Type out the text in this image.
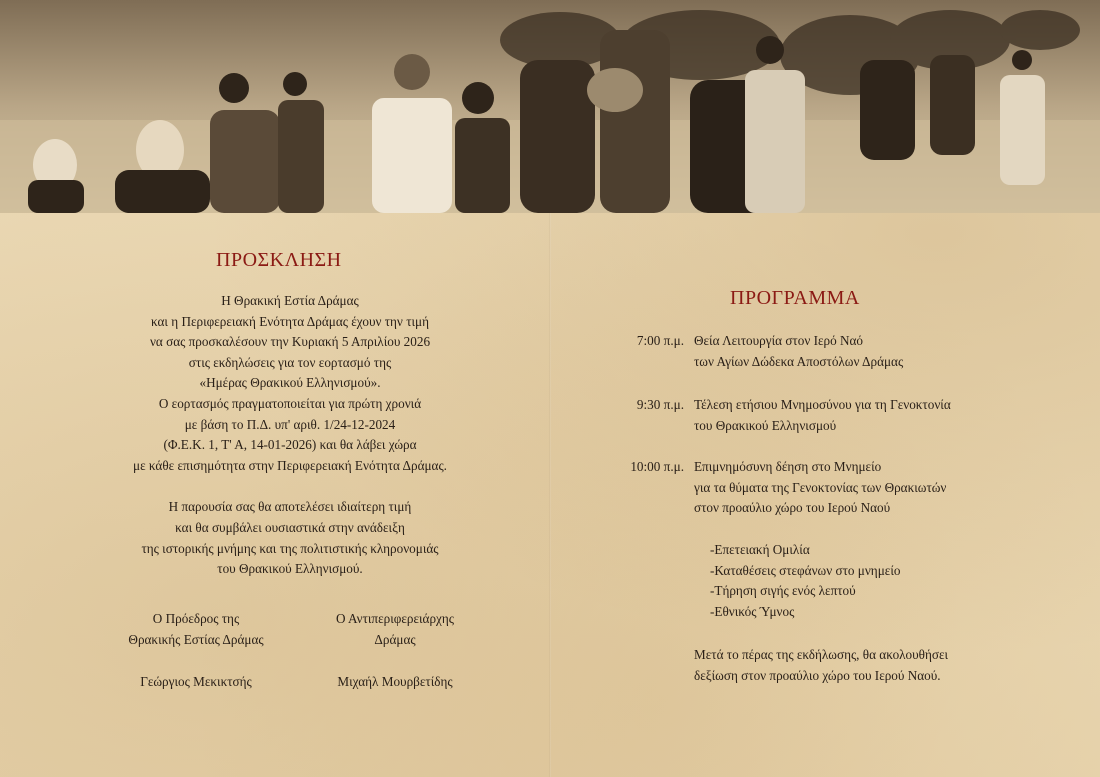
ΠΡΟΣΚΛΗΣΗ
Η Θρακική Εστία Δράμας
και η Περιφερειακή Ενότητα Δράμας έχουν την τιμή
να σας προσκαλέσουν την Κυριακή 5 Απριλίου 2026
στις εκδηλώσεις για τον εορτασμό της
«Ημέρας Θρακικού Ελληνισμού».
Ο εορτασμός πραγματοποιείται για πρώτη χρονιά
με βάση το Π.Δ. υπ' αριθ. 1/24-12-2024
(Φ.Ε.Κ. 1, Τ' Α, 14-01-2026) και θα λάβει χώρα
με κάθε επισημότητα στην Περιφερειακή Ενότητα Δράμας.
Η παρουσία σας θα αποτελέσει ιδιαίτερη τιμή
και θα συμβάλει ουσιαστικά στην ανάδειξη
της ιστορικής μνήμης και της πολιτιστικής κληρονομιάς
του Θρακικού Ελληνισμού.
Ο Πρόεδρος της
Θρακικής Εστίας Δράμας
Γεώργιος Μεκικτσής
Ο Αντιπεριφερειάρχης
Δράμας
Μιχαήλ Μουρβετίδης
ΠΡΟΓΡΑΜΜΑ
7:00 π.μ. Θεία Λειτουργία στον Ιερό Ναό
των Αγίων Δώδεκα Αποστόλων Δράμας
9:30 π.μ. Τέλεση ετήσιου Μνημοσύνου για τη Γενοκτονία
του Θρακικού Ελληνισμού
10:00 π.μ. Επιμνημόσυνη δέηση στο Μνημείο
για τα θύματα της Γενοκτονίας των Θρακιωτών
στον προαύλιο χώρο του Ιερού Ναού
-Επετειακή Ομιλία
-Καταθέσεις στεφάνων στο μνημείο
-Τήρηση σιγής ενός λεπτού
-Εθνικός Ύμνος
Μετά το πέρας της εκδήλωσης, θα ακολουθήσει
δεξίωση στον προαύλιο χώρο του Ιερού Ναού.
